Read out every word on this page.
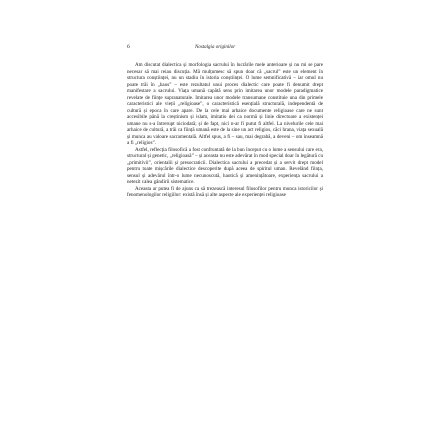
6	Nostalgia originilor

Am discutat dialectica și morfologia sacrului în lucrările mele anterioare și nu mi se pare necesar să mai reiau discuția. Mă mulțumesc să spun doar că „sacrul” este un element în structura conștiinței, nu un stadiu în istoria conștiinței. O lume semnificativă – iar omul nu poate trăi în „haos” – este rezultatul unui proces dialectic care poate fi denumit drept manifestare a sacrului. Viața umană capătă sens prin imitarea unor modele paradigmatice revelate de ființe supranaturale. Imitarea unor modele transumane constituie una din primele caracteristici ale vieții „religioase”, o caracteristică esențială structurală, independentă de cultură și epoca în care apare. De la cele mai arhaice documente religioase care ne sunt accesibile până la creștinism și islam, imitatio dei ca normă și linie directoare a existenței umane nu s-a întrerupt niciodată; și de fapt, nici n-ar fi putut fi altfel. La nivelurile cele mai arhaice de cultură, a trăi ca ființă umană este de la sine un act religios, căci hrana, viața sexuală și munca au valoare sacramentală. Altfel spus, a fi – sau, mai degrabă, a deveni – om înseamnă a fi „religios”.

Astfel, reflecția filosofică a fost confruntată de la bun început cu o lume a sensului care era, structural și genetic, „religioasă” – și aceasta nu este adevărat în mod special doar în legătură cu „primitivii”, orientalii și presocraticii. Dialectica sacrului a precedat și a servit drept model pentru toate mișcările dialectice descoperite după aceea de spiritul uman. Revelând ființa, sensul și adevărul într-o lume necunoscută, haotică și amenințătoare, experiența sacrului a netezit calea gândirii sistematice.

Aceasta ar putea fi de ajuns ca să trezească interesul filosofilor pentru munca istoricilor și fenomenologilor religiilor: există însă și alte aspecte ale experienței religioase
